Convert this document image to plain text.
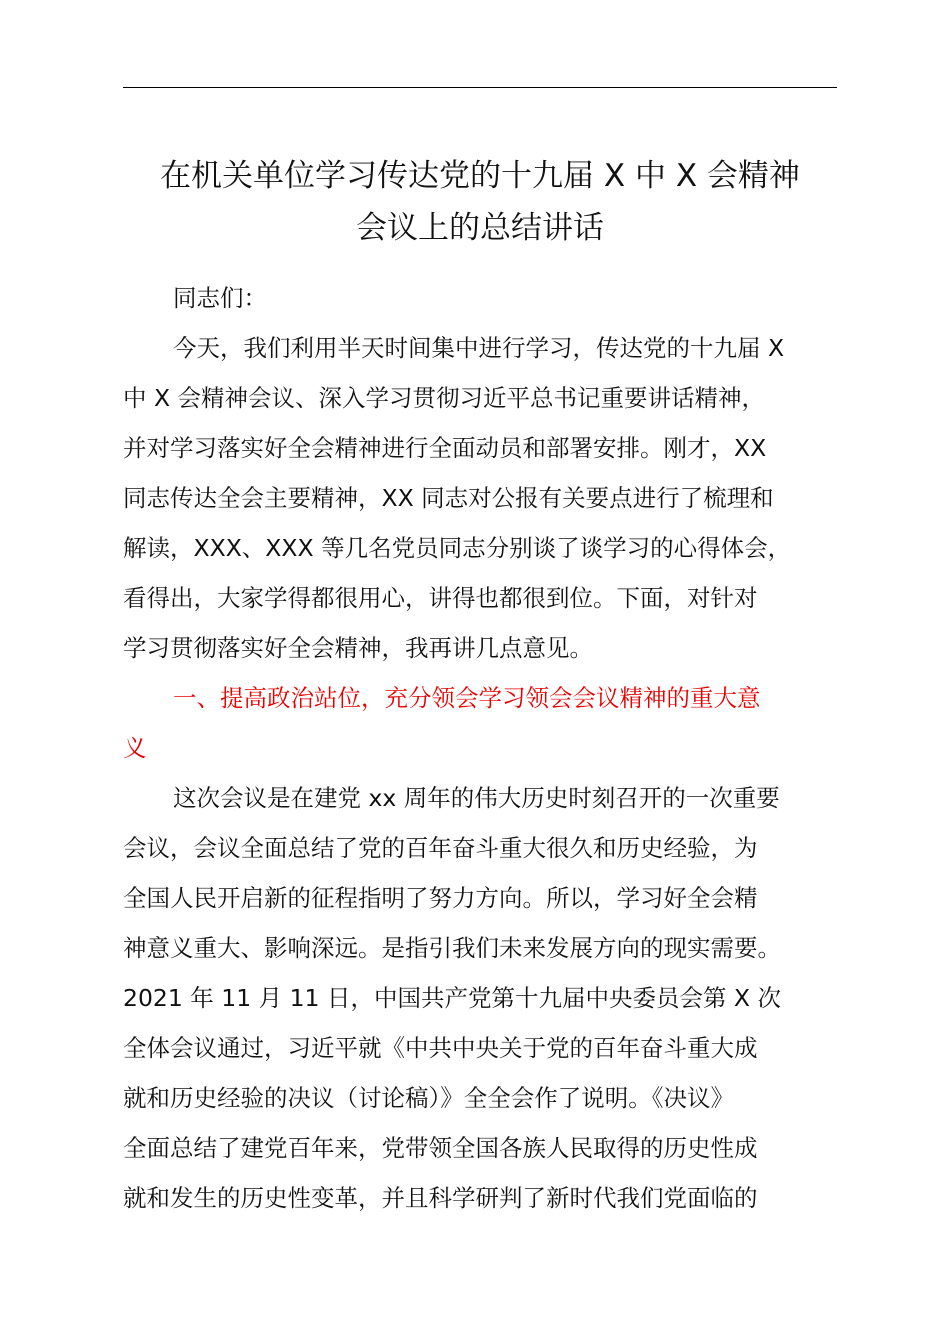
在机关单位学习传达党的十九届 X 中 X 会精神
会议上的总结讲话
同志们：
今天，我们利用半天时间集中进行学习，传达党的十九届 X
中 X 会精神会议、深入学习贯彻习近平总书记重要讲话精神，
并对学习落实好全会精神进行全面动员和部署安排。刚才，XX
同志传达全会主要精神，XX 同志对公报有关要点进行了梳理和
解读，XXX、XXX 等几名党员同志分别谈了谈学习的心得体会，
看得出，大家学得都很用心，讲得也都很到位。下面，对针对
学习贯彻落实好全会精神，我再讲几点意见。
一、提高政治站位，充分领会学习领会会议精神的重大意
义
这次会议是在建党 xx 周年的伟大历史时刻召开的一次重要
会议，会议全面总结了党的百年奋斗重大很久和历史经验，为
全国人民开启新的征程指明了努力方向。所以，学习好全会精
神意义重大、影响深远。是指引我们未来发展方向的现实需要。
2021 年 11 月 11 日，中国共产党第十九届中央委员会第 X 次
全体会议通过，习近平就《中共中央关于党的百年奋斗重大成
就和历史经验的决议（讨论稿）》全全会作了说明。《决议》
全面总结了建党百年来，党带领全国各族人民取得的历史性成
就和发生的历史性变革，并且科学研判了新时代我们党面临的
